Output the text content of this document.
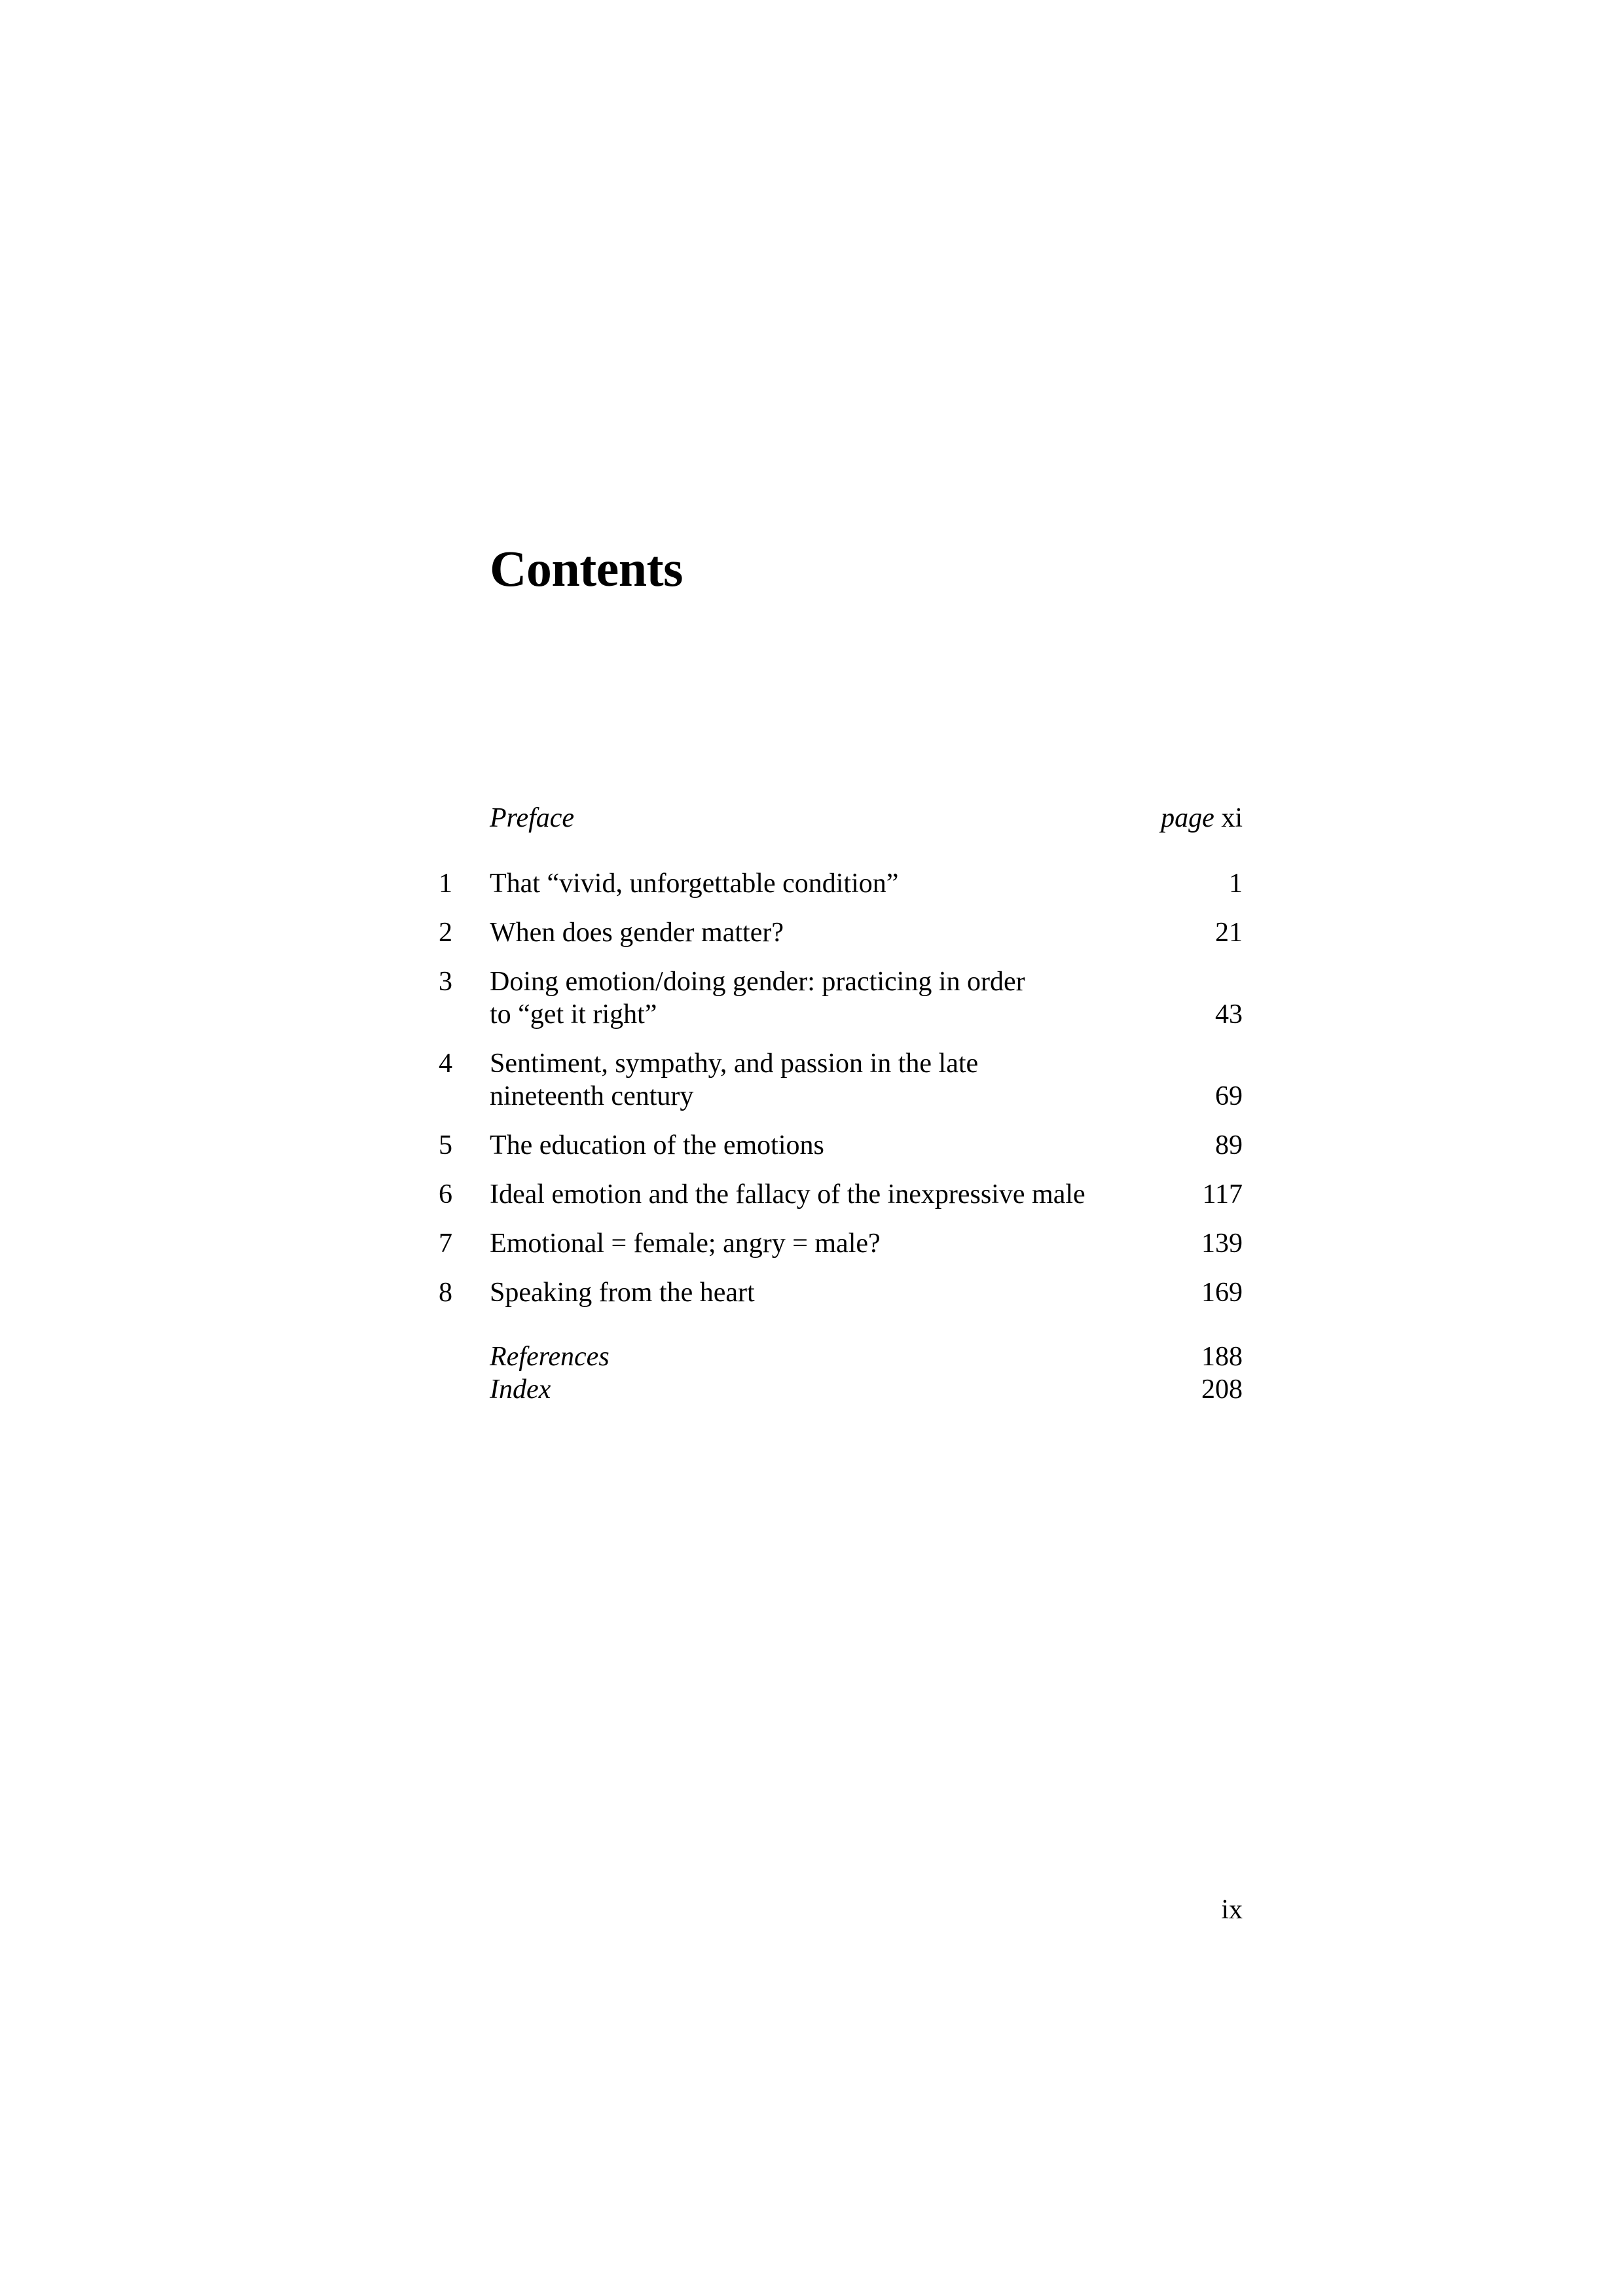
Contents
Preface	page xi
1 That “vivid, unforgettable condition”	1
2 When does gender matter?	21
3 Doing emotion/doing gender: practicing in order
to “get it right”	43
4 Sentiment, sympathy, and passion in the late
nineteenth century	69
5 The education of the emotions	89
6 Ideal emotion and the fallacy of the inexpressive male	117
7 Emotional = female; angry = male?	139
8 Speaking from the heart	169
References	188
Index	208
ix
